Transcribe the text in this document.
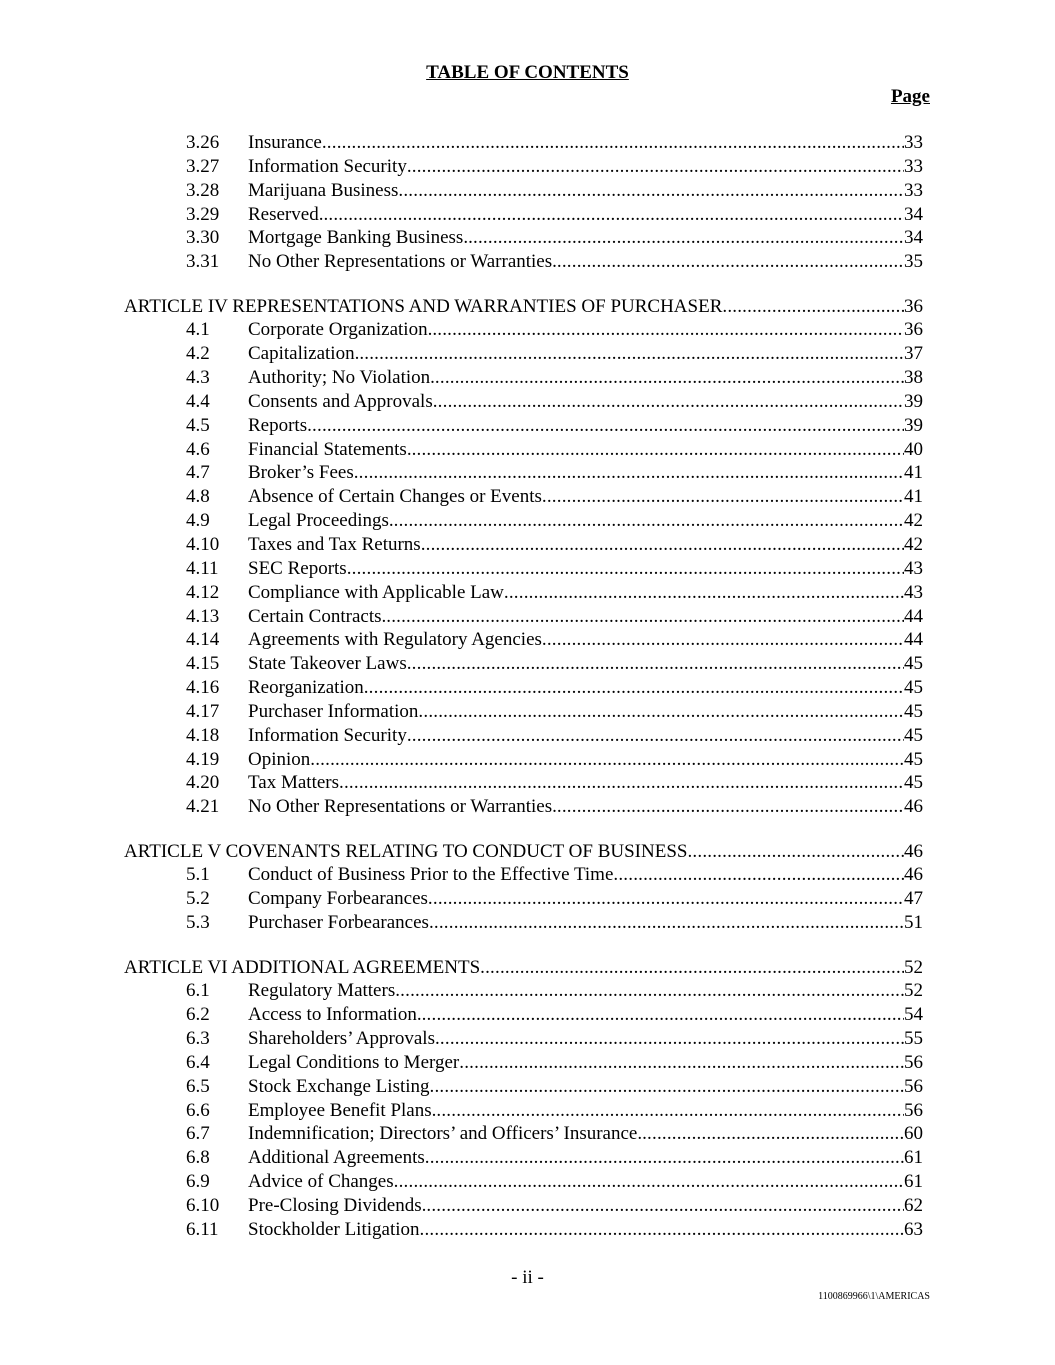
TABLE OF CONTENTS
Page
3.26 Insurance .....	33
3.27 Information Security .....	33
3.28 Marijuana Business .....	33
3.29 Reserved. .....	34
3.30 Mortgage Banking Business. .....	34
3.31 No Other Representations or Warranties. .....	35
ARTICLE IV REPRESENTATIONS AND WARRANTIES OF PURCHASER .....	36
4.1 Corporate Organization. .....	36
4.2 Capitalization. .....	37
4.3 Authority; No Violation. .....	38
4.4 Consents and Approvals .....	39
4.5 Reports .....	39
4.6 Financial Statements. .....	40
4.7 Broker’s Fees .....	41
4.8 Absence of Certain Changes or Events .....	41
4.9 Legal Proceedings. .....	42
4.10 Taxes and Tax Returns .....	42
4.11 SEC Reports .....	43
4.12 Compliance with Applicable Law .....	43
4.13 Certain Contracts. .....	44
4.14 Agreements with Regulatory Agencies .....	44
4.15 State Takeover Laws .....	45
4.16 Reorganization .....	45
4.17 Purchaser Information .....	45
4.18 Information Security .....	45
4.19 Opinion .....	45
4.20 Tax Matters .....	45
4.21 No Other Representations or Warranties. .....	46
ARTICLE V COVENANTS RELATING TO CONDUCT OF BUSINESS .....	46
5.1 Conduct of Business Prior to the Effective Time .....	46
5.2 Company Forbearances .....	47
5.3 Purchaser Forbearances .....	51
ARTICLE VI ADDITIONAL AGREEMENTS .....	52
6.1 Regulatory Matters .....	52
6.2 Access to Information. .....	54
6.3 Shareholders’ Approvals .....	55
6.4 Legal Conditions to Merger .....	56
6.5 Stock Exchange Listing .....	56
6.6 Employee Benefit Plans. .....	56
6.7 Indemnification; Directors’ and Officers’ Insurance. .....	60
6.8 Additional Agreements .....	61
6.9 Advice of Changes .....	61
6.10 Pre-Closing Dividends. .....	62
6.11 Stockholder Litigation .....	63
- ii -
1100869966\1\AMERICAS
